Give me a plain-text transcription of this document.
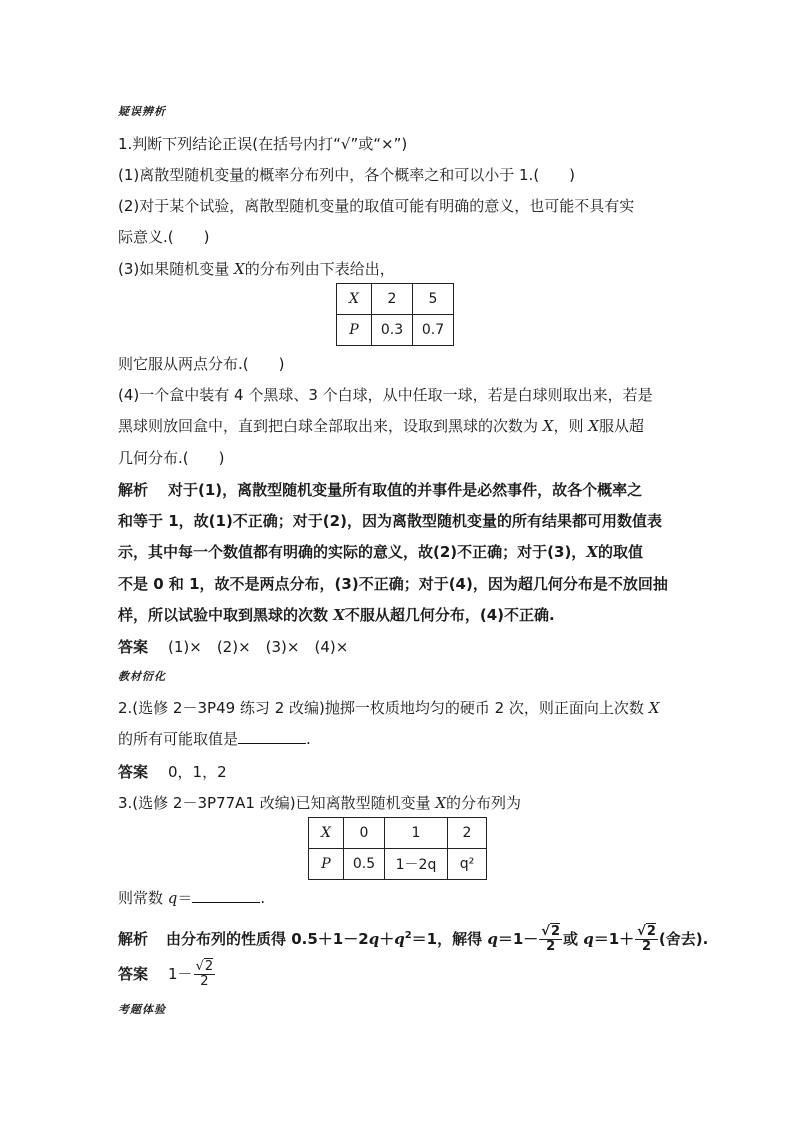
疑误辨析
1.判断下列结论正误(在括号内打“√”或“×”)
(1)离散型随机变量的概率分布列中，各个概率之和可以小于 1.(　　)
(2)对于某个试验，离散型随机变量的取值可能有明确的意义，也可能不具有实
际意义.(　　)
(3)如果随机变量 X的分布列由下表给出，
X	2	5
P	0.3	0.7
则它服从两点分布.(　　)
(4)一个盒中装有 4 个黑球、3 个白球，从中任取一球，若是白球则取出来，若是
黑球则放回盒中，直到把白球全部取出来，设取到黑球的次数为 X，则 X服从超
几何分布.(　　)
解析 对于(1)，离散型随机变量所有取值的并事件是必然事件，故各个概率之
和等于 1，故(1)不正确；对于(2)，因为离散型随机变量的所有结果都可用数值表
示，其中每一个数值都有明确的实际的意义，故(2)不正确；对于(3)，X的取值
不是 0 和 1，故不是两点分布，(3)不正确；对于(4)，因为超几何分布是不放回抽
样，所以试验中取到黑球的次数 X不服从超几何分布，(4)不正确.
答案 (1)×　(2)×　(3)×　(4)×
教材衍化
2.(选修 2－3P49 练习 2 改编)抛掷一枚质地均匀的硬币 2 次，则正面向上次数 X
的所有可能取值是	.
答案 0，1，2
3.(选修 2－3P77A1 改编)已知离散型随机变量 X的分布列为
X	0	1	2
P	0.5	1－2q	q²
则常数 q＝	.
解析 由分布列的性质得 $0.5+1-2q+q^2=1$，解得 $q=1- \frac{√2}{2}$ 或 $q=1+ \frac{√2}{2}$ (舍去).
答案 $1- \frac{√2}{2}$
考题体验
